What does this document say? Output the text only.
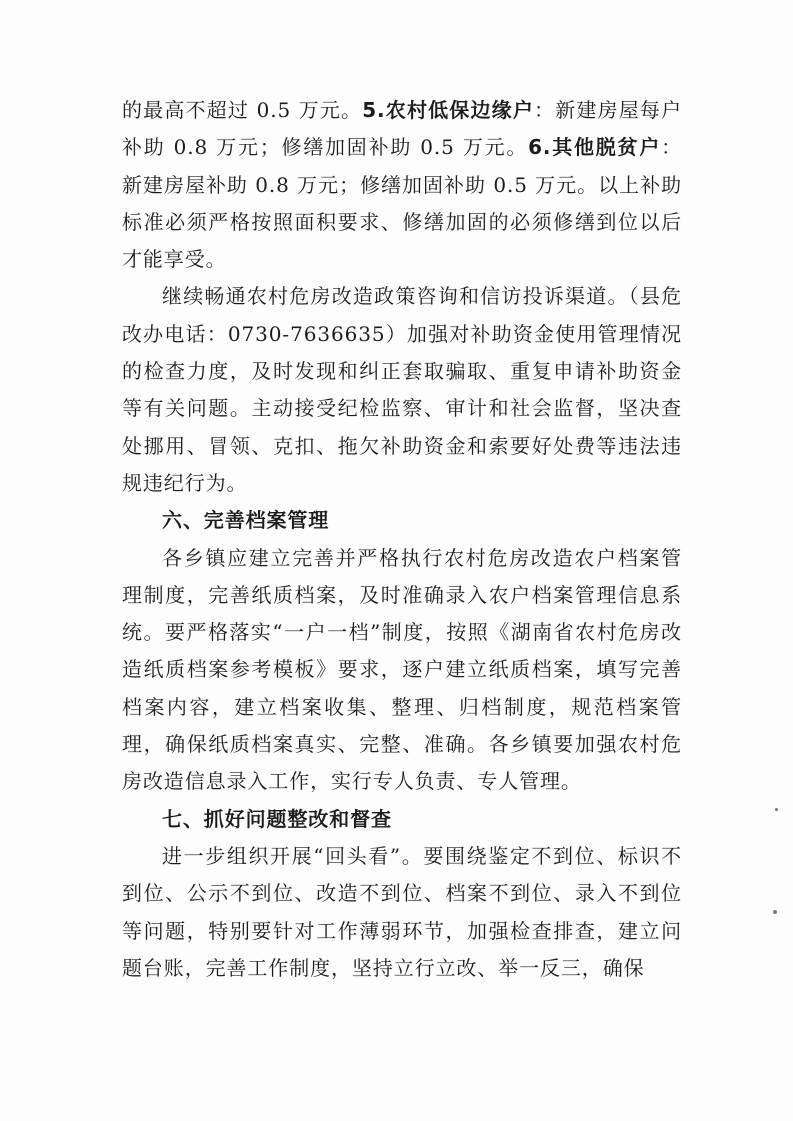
的最高不超过 0.5 万元。5.农村低保边缘户：新建房屋每户补助 0.8 万元；修缮加固补助 0.5 万元。6.其他脱贫户：新建房屋补助 0.8 万元；修缮加固补助 0.5 万元。以上补助标准必须严格按照面积要求、修缮加固的必须修缮到位以后才能享受。

继续畅通农村危房改造政策咨询和信访投诉渠道。（县危改办电话：0730-7636635）加强对补助资金使用管理情况的检查力度，及时发现和纠正套取骗取、重复申请补助资金等有关问题。主动接受纪检监察、审计和社会监督，坚决查处挪用、冒领、克扣、拖欠补助资金和索要好处费等违法违规违纪行为。

六、完善档案管理

各乡镇应建立完善并严格执行农村危房改造农户档案管理制度，完善纸质档案，及时准确录入农户档案管理信息系统。要严格落实“一户一档”制度，按照《湖南省农村危房改造纸质档案参考模板》要求，逐户建立纸质档案，填写完善档案内容，建立档案收集、整理、归档制度，规范档案管理，确保纸质档案真实、完整、准确。各乡镇要加强农村危房改造信息录入工作，实行专人负责、专人管理。

七、抓好问题整改和督查

进一步组织开展“回头看”。要围绕鉴定不到位、标识不到位、公示不到位、改造不到位、档案不到位、录入不到位等问题，特别要针对工作薄弱环节，加强检查排查，建立问题台账，完善工作制度，坚持立行立改、举一反三，确保
